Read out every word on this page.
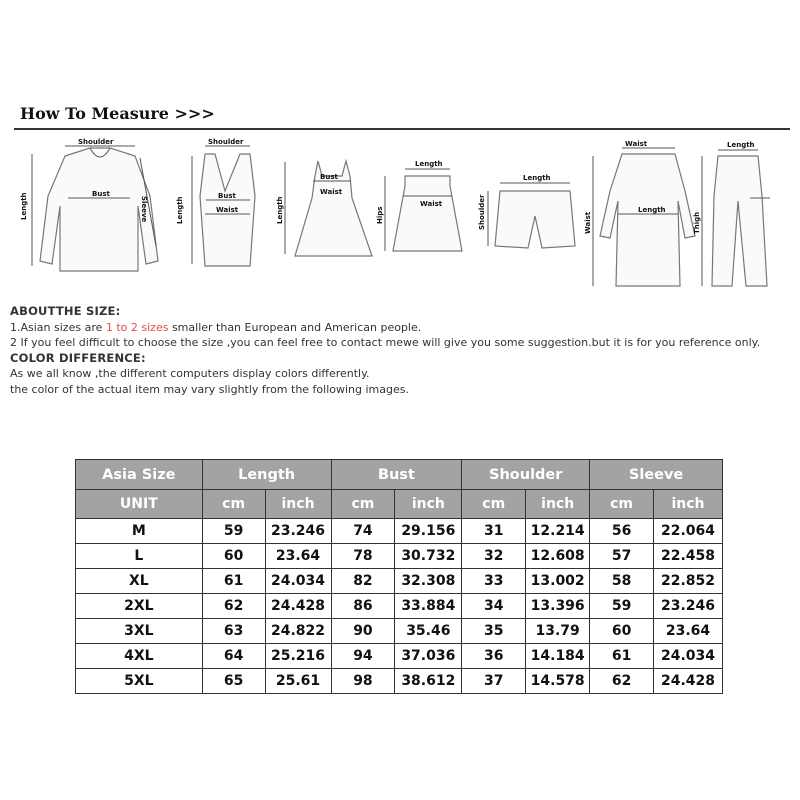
How To Measure >>>
Shoulder
Length	Bust
Sleeve
Shoulder
Length
Bust
Waist
Bust
Length
Waist
Length
Hips
Waist
Length
Shoulder
Waist
Length
Waist
Length
Thigh
ABOUTTHE SIZE:
1.Asian sizes are 1 to 2 sizes smaller than European and American people.
2 If you feel difficult to choose the size ,you can feel free to contact mewe will give you some suggestion.but it is for you reference only.
COLOR DIFFERENCE:
As we all know ,the different computers display colors differently.
the color of the actual item may vary slightly from the following images.
Asia Size	Length		Bust		Shoulder		Sleeve	
UNIT	cm	inch	cm	inch	cm	inch	cm	inch
M	59	23.246	74	29.156	31	12.214	56	22.064
L	60	23.64	78	30.732	32	12.608	57	22.458
XL	61	24.034	82	32.308	33	13.002	58	22.852
2XL	62	24.428	86	33.884	34	13.396	59	23.246
3XL	63	24.822	90	35.46	35	13.79	60	23.64
4XL	64	25.216	94	37.036	36	14.184	61	24.034
5XL	65	25.61	98	38.612	37	14.578	62	24.428
